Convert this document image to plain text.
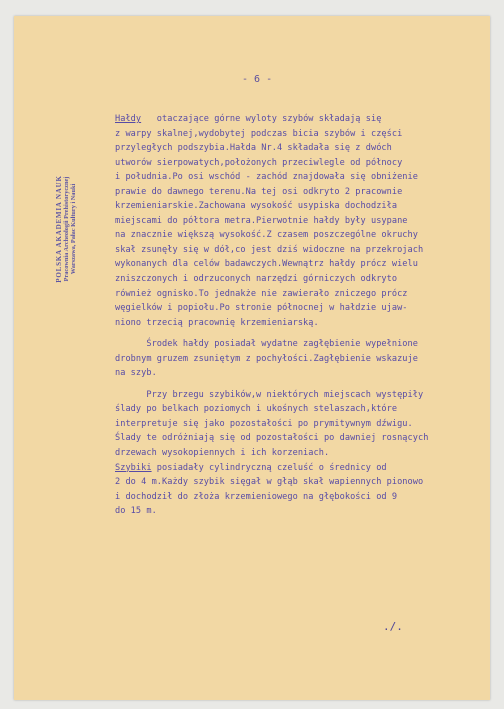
- 6 -
Hałdy   otaczające górne wyloty szybów składają się
z warpy skalnej,wydobytej podczas bicia szybów i części
przyległych podszybia.Hałda Nr.4 składała się z dwóch
utworów sierpowatych,położonych przeciwlegle od północy
i południa.Po osi wschód - zachód znajdowała się obniżenie
prawie do dawnego terenu.Na tej osi odkryto 2 pracownie
krzemieniarskie.Zachowana wysokość usypiska dochodziła
miejscami do półtora metra.Pierwotnie hałdy były usypane
na znacznie większą wysokość.Z czasem poszczególne okruchy
skał zsunęły się w dół,co jest dziś widoczne na przekrojach
wykonanych dla celów badawczych.Wewnątrz hałdy prócz wielu
zniszczonych i odrzuconych narzędzi górniczych odkryto
również ognisko.To jednakże nie zawierało zniczego prócz
węgielków i popiołu.Po stronie północnej w hałdzie ujaw-
niono trzecią pracownię krzemieniarską.
Środek hałdy posiadał wydatne zagłębienie wypełnione
drobnym gruzem zsuniętym z pochyłości.Zagłębienie wskazuje
na szyb.
Przy brzegu szybików,w niektórych miejscach występiły
ślady po belkach poziomych i ukośnych stelaszach,które
interpretuje się jako pozostałości po prymitywnym dźwigu.
Ślady te odróżniają się od pozostałości po dawniej rosnących
drzewach wysokopiennych i ich korzeniach.
Szybiki posiadały cylindryczną czeluść o średnicy od
2 do 4 m.Każdy szybik sięgał w głąb skał wapiennych pionowo
i dochodził do złoża krzemieniowego na głębokości od 9
do 15 m.
POLSKA AKADEMIA NAUK Pracownia Archeologii Prehistorycznej Warszawa, Pałac Kultury i Nauki
./.
